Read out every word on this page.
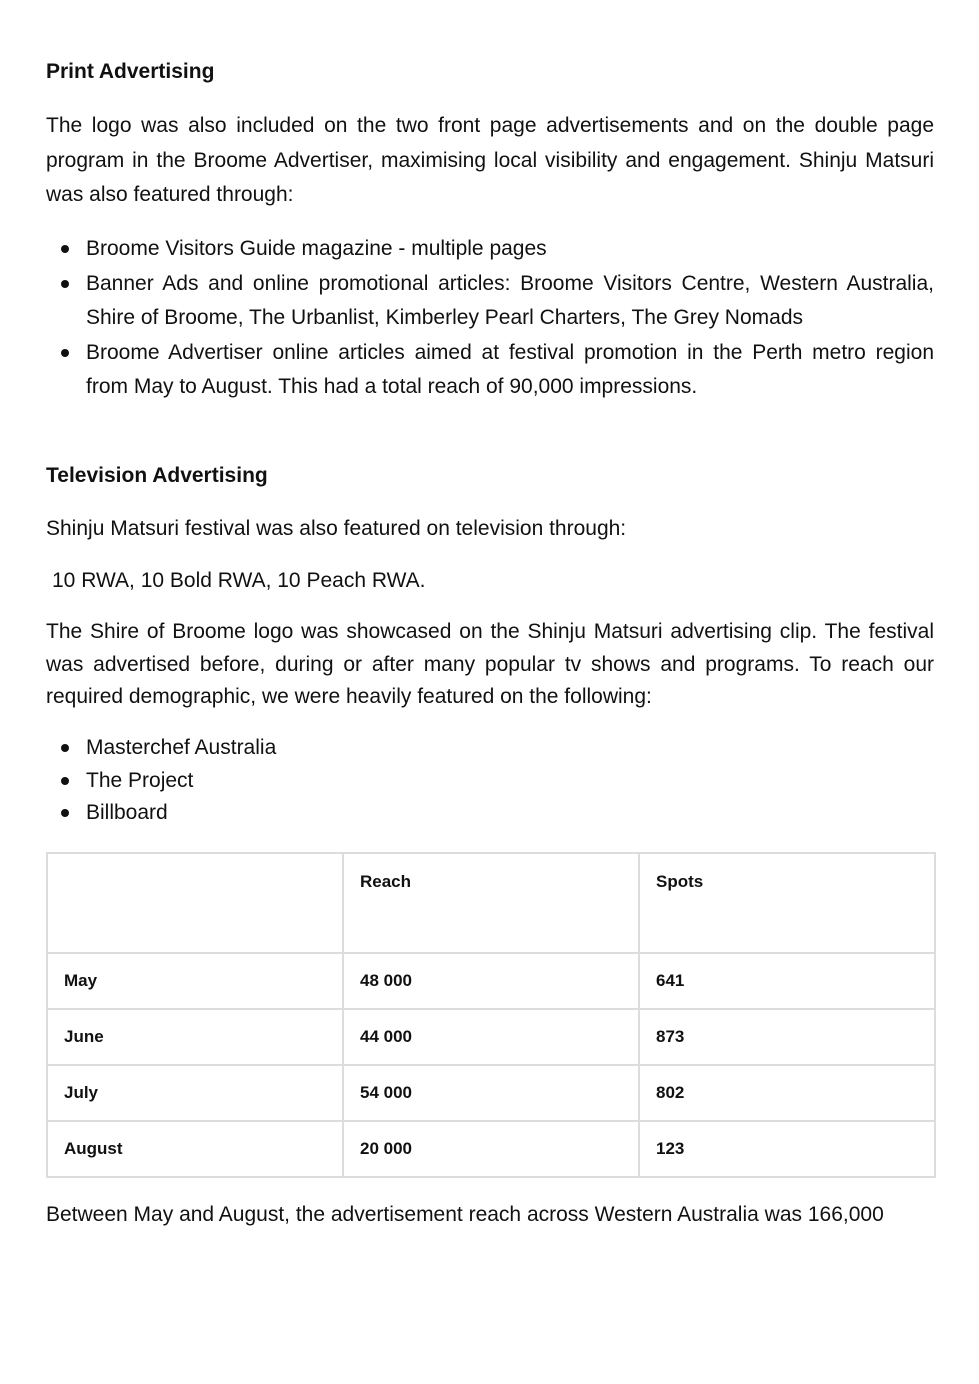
Print Advertising

The logo was also included on the two front page advertisements and on the double page program in the Broome Advertiser, maximising local visibility and engagement. Shinju Matsuri was also featured through:

Broome Visitors Guide magazine - multiple pages
Banner Ads and online promotional articles: Broome Visitors Centre, Western Australia, Shire of Broome, The Urbanlist, Kimberley Pearl Charters, The Grey Nomads
Broome Advertiser online articles aimed at festival promotion in the Perth metro region from May to August. This had a total reach of 90,000 impressions.
Television Advertising

Shinju Matsuri festival was also featured on television through:

10 RWA, 10 Bold RWA, 10 Peach RWA.

The Shire of Broome logo was showcased on the Shinju Matsuri advertising clip. The festival was advertised before, during or after many popular tv shows and programs. To reach our required demographic, we were heavily featured on the following:

Masterchef Australia
The Project
Billboard
	Reach	Spots
May	48 000	641
June	44 000	873
July	54 000	802
August	20 000	123

Between May and August, the advertisement reach across Western Australia was 166,000
